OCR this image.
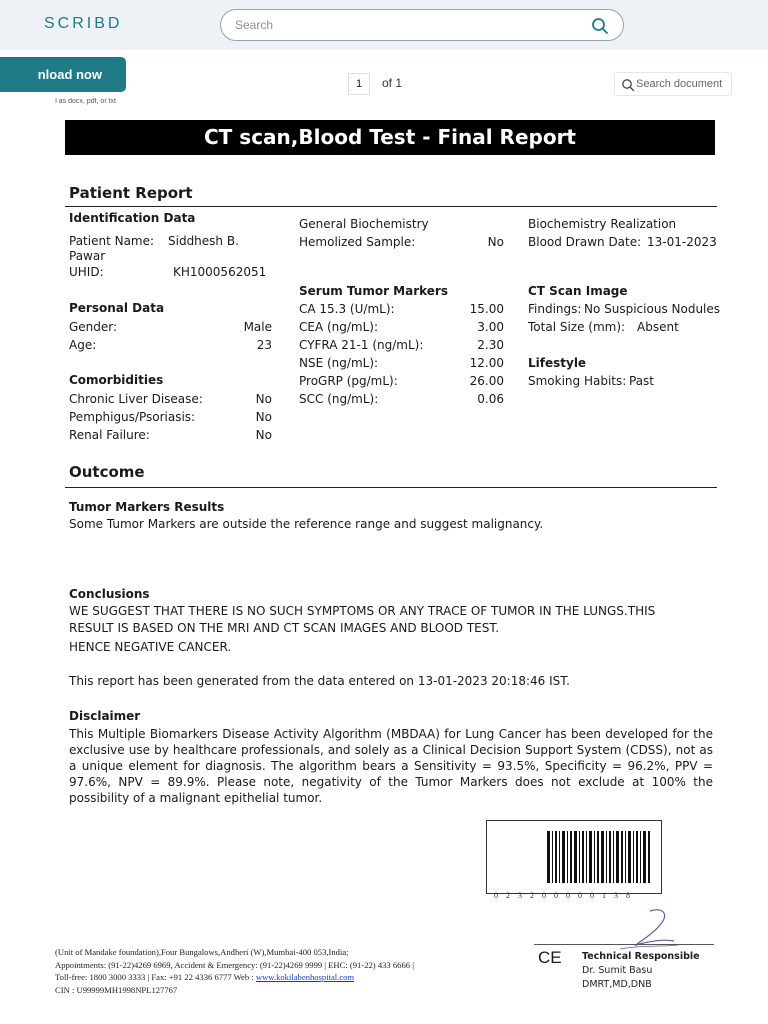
SCRIBD
Search
nload now
l as docx, pdf, or txt
1	of 1	Search document
CT scan,Blood Test - Final Report
Patient Report
Identification Data
Patient Name: Siddhesh B.
Pawar
UHID:	KH1000562051
Personal Data
Gender:	Male
Age:	23
Comorbidities
Chronic Liver Disease:	No
Pemphigus/Psoriasis:	No
Renal Failure:	No
General Biochemistry
Hemolized Sample:	No
Serum Tumor Markers
CA 15.3 (U/mL):	15.00
CEA (ng/mL):	3.00
CYFRA 21-1 (ng/mL):	2.30
NSE (ng/mL):	12.00
ProGRP (pg/mL):	26.00
SCC (ng/mL):	0.06
Biochemistry Realization
Blood Drawn Date: 13-01-2023
CT Scan Image
Findings: No Suspicious Nodules
Total Size (mm): Absent
Lifestyle
Smoking Habits: Past
Outcome
Tumor Markers Results
Some Tumor Markers are outside the reference range and suggest malignancy.
Conclusions
WE SUGGEST THAT THERE IS NO SUCH SYMPTOMS OR ANY TRACE OF TUMOR IN THE LUNGS.THIS
RESULT IS BASED ON THE MRI AND CT SCAN IMAGES AND BLOOD TEST.
HENCE NEGATIVE CANCER.
This report has been generated from the data entered on 13-01-2023 20:18:46 IST.
Disclaimer
This Multiple Biomarkers Disease Activity Algorithm (MBDAA) for Lung Cancer has been developed for the exclusive use by healthcare professionals, and solely as a Clinical Decision Support System (CDSS), not as a unique element for diagnosis. The algorithm bears a Sensitivity = 93.5%, Specificity = 96.2%, PPV = 97.6%, NPV = 89.9%. Please note, negativity of the Tumor Markers does not exclude at 100% the possibility of a malignant epithelial tumor.
0 2 3 2 0 0 0 0 0 1 3 8
(Unit of Mandake foundation),Four Bungalows,Andheri (W),Mumbai-400 053,India;
Appointments: (91-22)4269 6969, Accident & Emergency: (91-22)4269 9999 | EHC: (91-22) 433 6666 |
Toll-free: 1800 3000 3333 | Fax: +91 22 4336 6777 Web : www.kokilabenhospital.com
CIN : U99999MH1998NPL127767
CE Technical Responsible
Dr. Sumit Basu
DMRT,MD,DNB
